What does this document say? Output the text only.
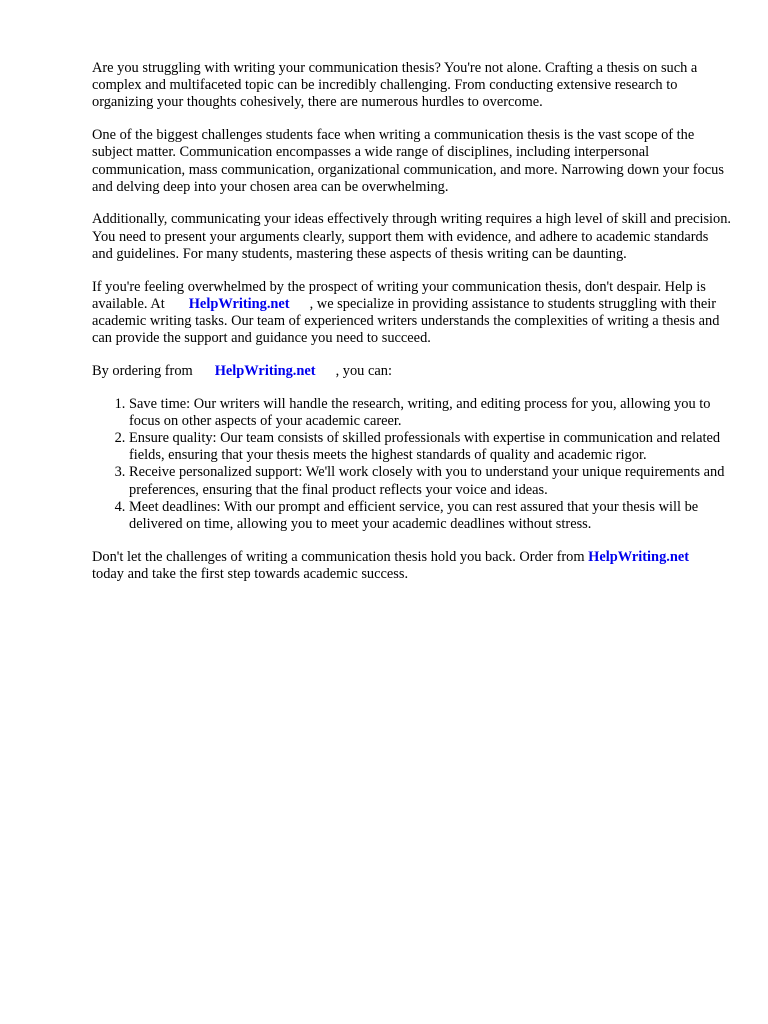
Are you struggling with writing your communication thesis? You're not alone. Crafting a thesis on such a complex and multifaceted topic can be incredibly challenging. From conducting extensive research to organizing your thoughts cohesively, there are numerous hurdles to overcome.

One of the biggest challenges students face when writing a communication thesis is the vast scope of the subject matter. Communication encompasses a wide range of disciplines, including interpersonal communication, mass communication, organizational communication, and more. Narrowing down your focus and delving deep into your chosen area can be overwhelming.

Additionally, communicating your ideas effectively through writing requires a high level of skill and precision. You need to present your arguments clearly, support them with evidence, and adhere to academic standards and guidelines. For many students, mastering these aspects of thesis writing can be daunting.

If you're feeling overwhelmed by the prospect of writing your communication thesis, don't despair. Help is available. At HelpWriting.net , we specialize in providing assistance to students struggling with their academic writing tasks. Our team of experienced writers understands the complexities of writing a thesis and can provide the support and guidance you need to succeed.

By ordering from HelpWriting.net , you can:

1. Save time: Our writers will handle the research, writing, and editing process for you, allowing you to focus on other aspects of your academic career.
2. Ensure quality: Our team consists of skilled professionals with expertise in communication and related fields, ensuring that your thesis meets the highest standards of quality and academic rigor.
3. Receive personalized support: We'll work closely with you to understand your unique requirements and preferences, ensuring that the final product reflects your voice and ideas.
4. Meet deadlines: With our prompt and efficient service, you can rest assured that your thesis will be delivered on time, allowing you to meet your academic deadlines without stress.

Don't let the challenges of writing a communication thesis hold you back. Order from HelpWriting.nettoday and take the first step towards academic success.
